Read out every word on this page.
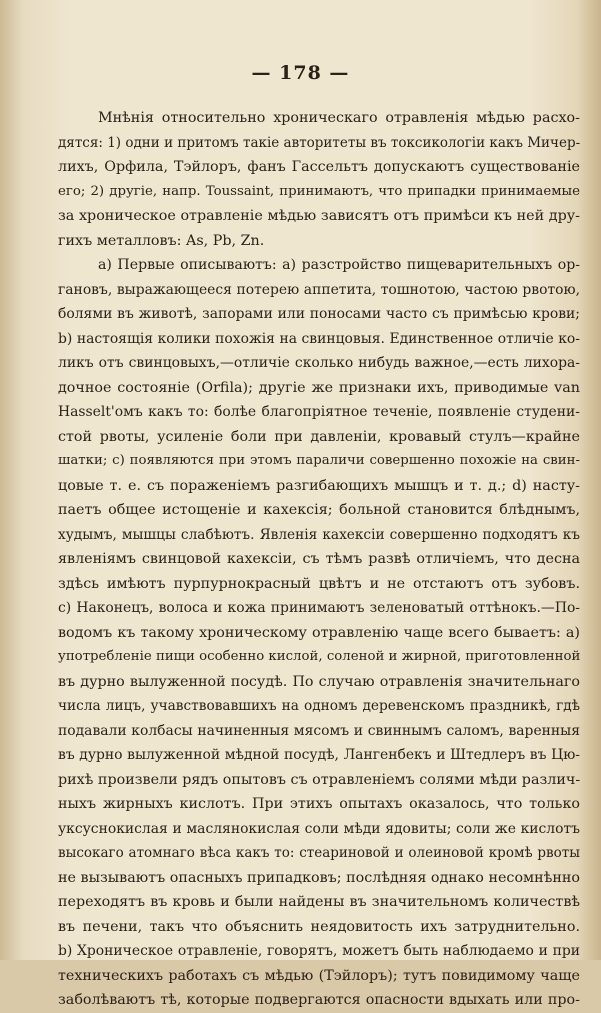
— 178 —
Мнѣнія относительно хроническаго отравленія мѣдью расхо-
дятся: 1) одни и притомъ такіе авторитеты въ токсикологіи какъ Мичер-
лихъ, Орфила, Тэйлоръ, фанъ Гассельтъ допускаютъ существованіе
его; 2) другіе, напр. Toussaint, принимаютъ, что припадки принимаемые
за хроническое отравленіе мѣдью зависятъ отъ примѣси къ ней дру-
гихъ металловъ: As, Pb, Zn.
a) Первые описываютъ: a) разстройство пищеварительныхъ ор-
гановъ, выражающееся потерею аппетита, тошнотою, частою рвотою,
болями въ животѣ, запорами или поносами часто съ примѣсью крови;
b) настоящія колики похожія на свинцовыя. Единственное отличіе ко-
ликъ отъ свинцовыхъ,—отличіе сколько нибудь важное,—есть лихора-
дочное состояніе (Orfila); другіе же признаки ихъ, приводимые van
Hasselt'омъ какъ то: болѣе благопріятное теченіе, появленіе студени-
стой рвоты, усиленіе боли при давленіи, кровавый стулъ—крайне
шатки; c) появляются при этомъ параличи совершенно похожіе на свин-
цовые т. е. съ пораженіемъ разгибающихъ мышцъ и т. д.; d) насту-
паетъ общее истощеніе и кахексія; больной становится блѣднымъ,
худымъ, мышцы слабѣютъ. Явленія кахексіи совершенно подходятъ къ
явленіямъ свинцовой кахексіи, съ тѣмъ развѣ отличіемъ, что десна
здѣсь имѣютъ пурпурнокрасный цвѣтъ и не отстаютъ отъ зубовъ.
c) Наконецъ, волоса и кожа принимаютъ зеленоватый оттѣнокъ.—По-
водомъ къ такому хроническому отравленію чаще всего бываетъ: a)
употребленіе пищи особенно кислой, соленой и жирной, приготовленной
въ дурно вылуженной посудѣ. По случаю отравленія значительнаго
числа лицъ, учавствовавшихъ на одномъ деревенскомъ праздникѣ, гдѣ
подавали колбасы начиненныя мясомъ и свиннымъ саломъ, варенныя
въ дурно вылуженной мѣдной посудѣ, Лангенбекъ и Штедлеръ въ Цю-
рихѣ произвели рядъ опытовъ съ отравленіемъ солями мѣди различ-
ныхъ жирныхъ кислотъ. При этихъ опытахъ оказалось, что только
уксуснокислая и маслянокислая соли мѣди ядовиты; соли же кислотъ
высокаго атомнаго вѣса какъ то: стеариновой и олеиновой кромѣ рвоты
не вызываютъ опасныхъ припадковъ; послѣдняя однако несомнѣнно
переходятъ въ кровь и были найдены въ значительномъ количествѣ
въ печени, такъ что объяснить неядовитость ихъ затруднительно.
b) Хроническое отравленіе, говорятъ, можетъ быть наблюдаемо и при
техническихъ работахъ съ мѣдью (Тэйлоръ); тутъ повидимому чаще
заболѣваютъ тѣ, которые подвергаются опасности вдыхать или про-
